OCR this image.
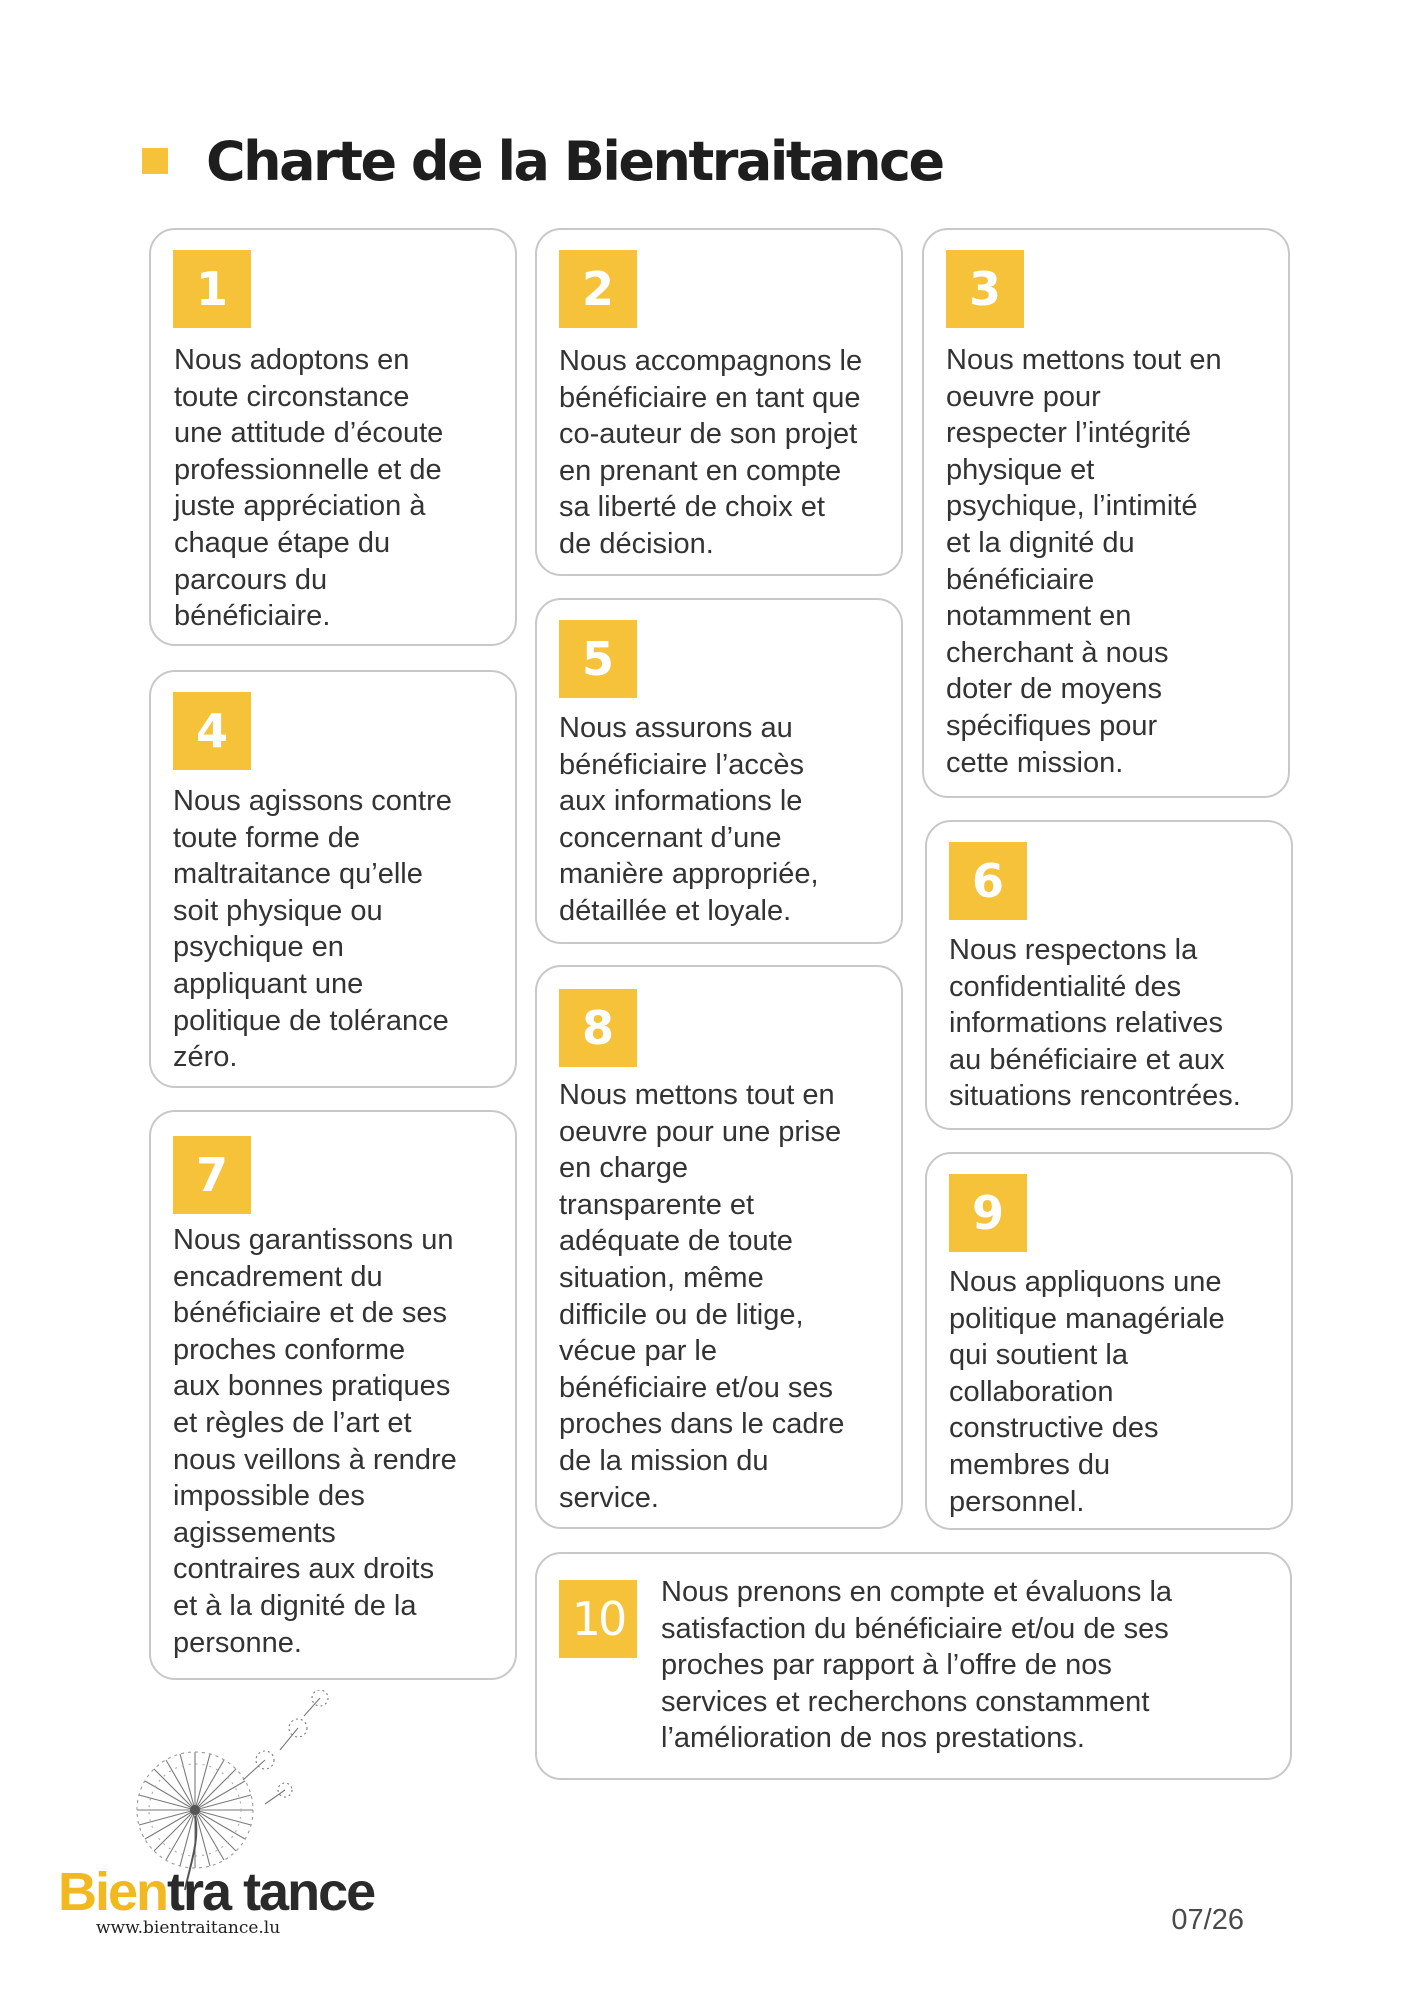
Charte de la Bientraitance
1

Nous adoptons en
toute circonstance
une attitude d’écoute
professionnelle et de
juste appréciation à
chaque étape du
parcours du
bénéficiaire.

2

Nous accompagnons le
bénéficiaire en tant que
co-auteur de son projet
en prenant en compte
sa liberté de choix et
de décision.

3

Nous mettons tout en
oeuvre pour
respecter l’intégrité
physique et
psychique, l’intimité
et la dignité du
bénéficiaire
notamment en
cherchant à nous
doter de moyens
spécifiques pour
cette mission.

4

Nous agissons contre
toute forme de
maltraitance qu’elle
soit physique ou
psychique en
appliquant une
politique de tolérance
zéro.

5

Nous assurons au
bénéficiaire l’accès
aux informations le
concernant d’une
manière appropriée,
détaillée et loyale.

6

Nous respectons la
confidentialité des
informations relatives
au bénéficiaire et aux
situations rencontrées.

7

Nous garantissons un
encadrement du
bénéficiaire et de ses
proches conforme
aux bonnes pratiques
et règles de l’art et
nous veillons à rendre
impossible des
agissements
contraires aux droits
et à la dignité de la
personne.

8

Nous mettons tout en
oeuvre pour une prise
en charge
transparente et
adéquate de toute
situation, même
difficile ou de litige,
vécue par le
bénéficiaire et/ou ses
proches dans le cadre
de la mission du
service.

9

Nous appliquons une
politique managériale
qui soutient la
collaboration
constructive des
membres du
personnel.

10	Nous prenons en compte et évaluons la
satisfaction du bénéficiaire et/ou de ses
proches par rapport à l’offre de nos
services et recherchons constamment
l’amélioration de nos prestations.

Bientra tance
www.bientraitance.lu	07/26
